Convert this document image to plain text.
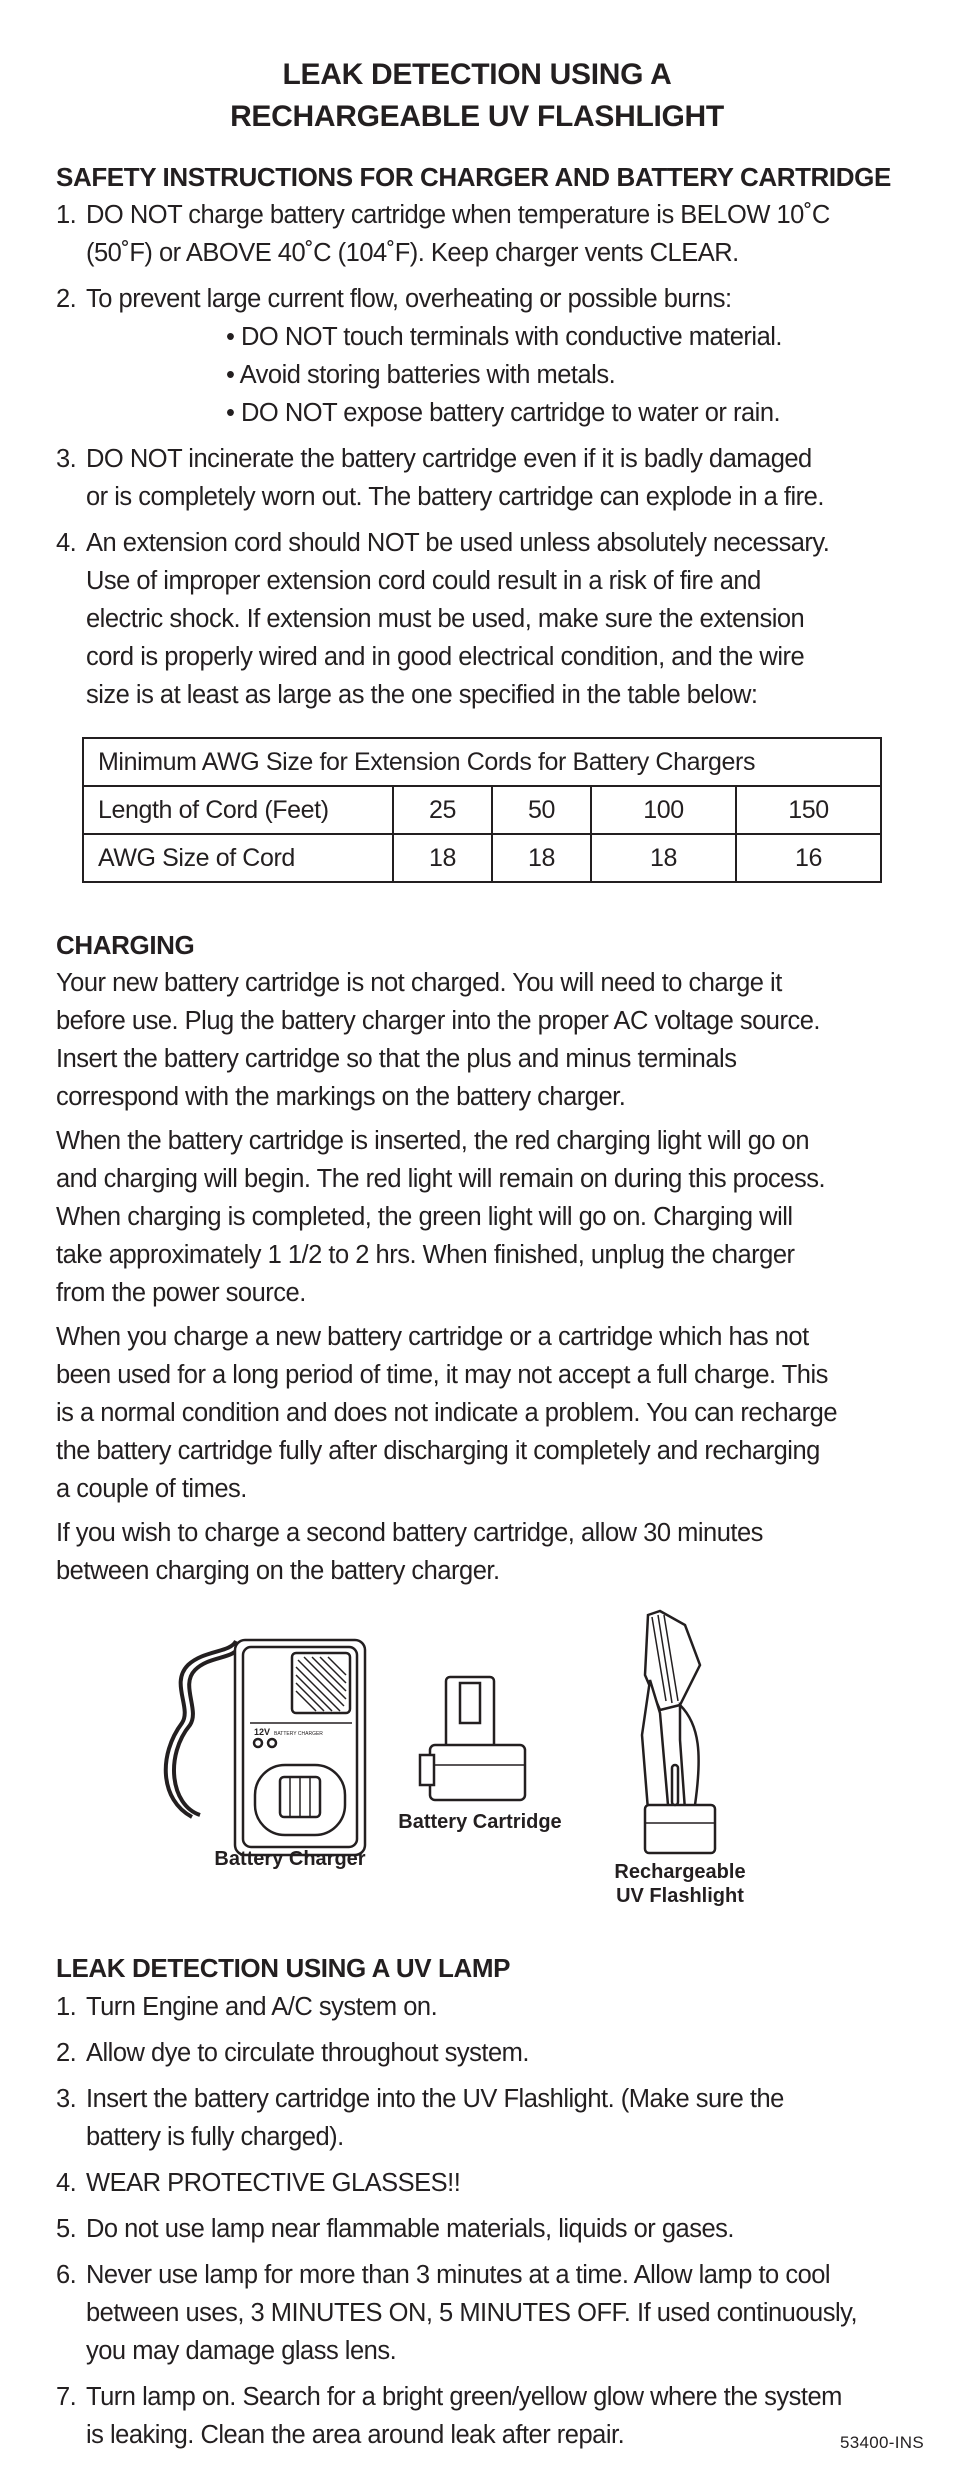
LEAK DETECTION USING A
RECHARGEABLE UV FLASHLIGHT
SAFETY INSTRUCTIONS FOR CHARGER AND BATTERY CARTRIDGE
1. DO NOT charge battery cartridge when temperature is BELOW 10˚C
(50˚F) or ABOVE 40˚C (104˚F). Keep charger vents CLEAR.
2. To prevent large current flow, overheating or possible burns:
• DO NOT touch terminals with conductive material.
• Avoid storing batteries with metals.
• DO NOT expose battery cartridge to water or rain.
3. DO NOT incinerate the battery cartridge even if it is badly damaged
or is completely worn out. The battery cartridge can explode in a fire.
4. An extension cord should NOT be used unless absolutely necessary.
Use of improper extension cord could result in a risk of fire and
electric shock. If extension must be used, make sure the extension
cord is properly wired and in good electrical condition, and the wire
size is at least as large as the one specified in the table below:
Minimum AWG Size for Extension Cords for Battery Chargers				
Length of Cord (Feet)	25	50	100	150
AWG Size of Cord	18	18	18	16
CHARGING
Your new battery cartridge is not charged. You will need to charge it
before use. Plug the battery charger into the proper AC voltage source.
Insert the battery cartridge so that the plus and minus terminals
correspond with the markings on the battery charger.
When the battery cartridge is inserted, the red charging light will go on
and charging will begin. The red light will remain on during this process.
When charging is completed, the green light will go on. Charging will
take approximately 1 1/2 to 2 hrs. When finished, unplug the charger
from the power source.
When you charge a new battery cartridge or a cartridge which has not
been used for a long period of time, it may not accept a full charge. This
is a normal condition and does not indicate a problem. You can recharge
the battery cartridge fully after discharging it completely and recharging
a couple of times.
If you wish to charge a second battery cartridge, allow 30 minutes
between charging on the battery charger.
12V BATTERY CHARGER
Battery Charger
Battery Cartridge
Rechargeable
UV Flashlight
LEAK DETECTION USING A UV LAMP
1. Turn Engine and A/C system on.
2. Allow dye to circulate throughout system.
3. Insert the battery cartridge into the UV Flashlight. (Make sure the
battery is fully charged).
4. WEAR PROTECTIVE GLASSES!!
5. Do not use lamp near flammable materials, liquids or gases.
6. Never use lamp for more than 3 minutes at a time. Allow lamp to cool
between uses, 3 MINUTES ON, 5 MINUTES OFF. If used continuously,
you may damage glass lens.
7. Turn lamp on. Search for a bright green/yellow glow where the system
is leaking. Clean the area around leak after repair.	53400-INS
